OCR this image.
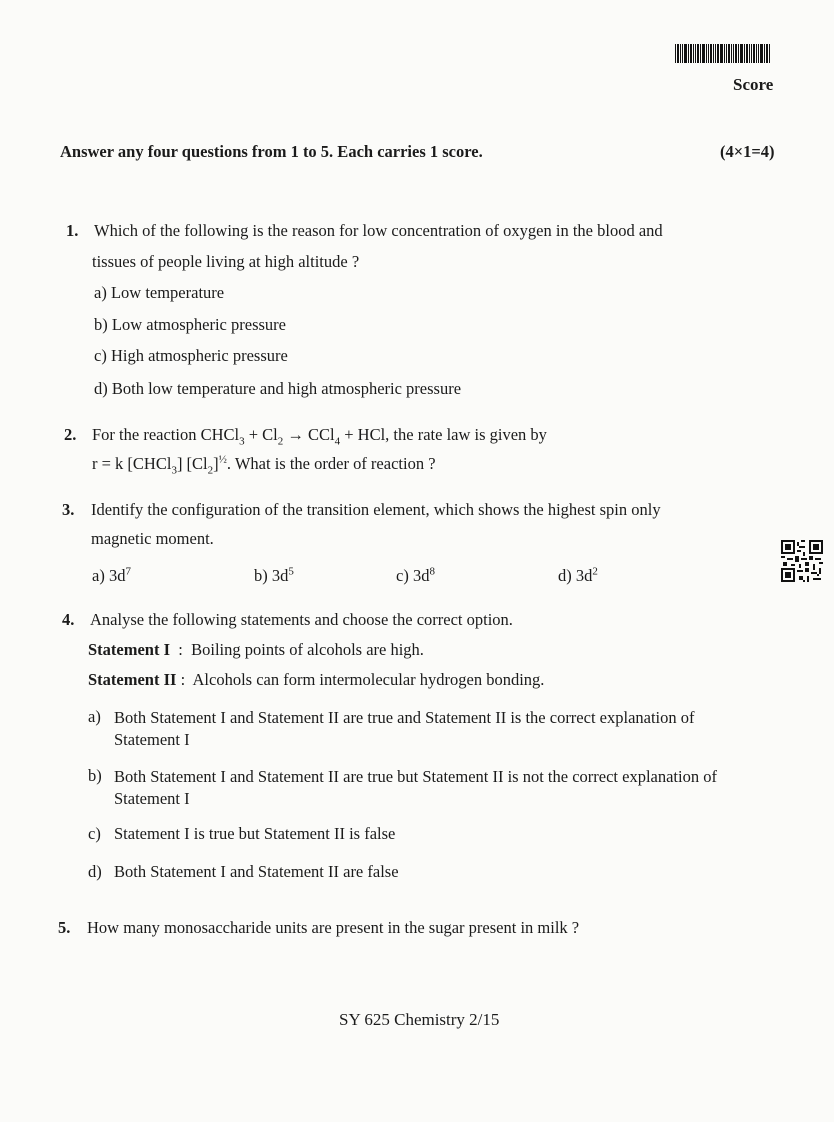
Score
Answer any four questions from 1 to 5. Each carries 1 score.	(4×1=4)
1. Which of the following is the reason for low concentration of oxygen in the blood and
tissues of people living at high altitude ?
a) Low temperature
b) Low atmospheric pressure
c) High atmospheric pressure
d) Both low temperature and high atmospheric pressure
2. For the reaction CHCl$_3$ + $Cl_2 \to CCl_4$ + HCl, the rate law is given by
r = k [CHCl$_3$] $[Cl_2]^{\frac{1}{2}}$. What is the order of reaction ?
3. Identify the configuration of the transition element, which shows the highest spin only
magnetic moment.
a) $3d^7$	b) $3d^5$	c) $3d^8$	d) $3d^2$
4. Analyse the following statements and choose the correct option.
Statement I  :  Boiling points of alcohols are high.
Statement II :  Alcohols can form intermolecular hydrogen bonding.
a) Both Statement I and Statement II are true and Statement II is the correct explanation of Statement I
b) Both Statement I and Statement II are true but Statement II is not the correct explanation of Statement I
c) Statement I is true but Statement II is false
d) Both Statement I and Statement II are false
5. How many monosaccharide units are present in the sugar present in milk ?
SY 625 Chemistry 2/15
